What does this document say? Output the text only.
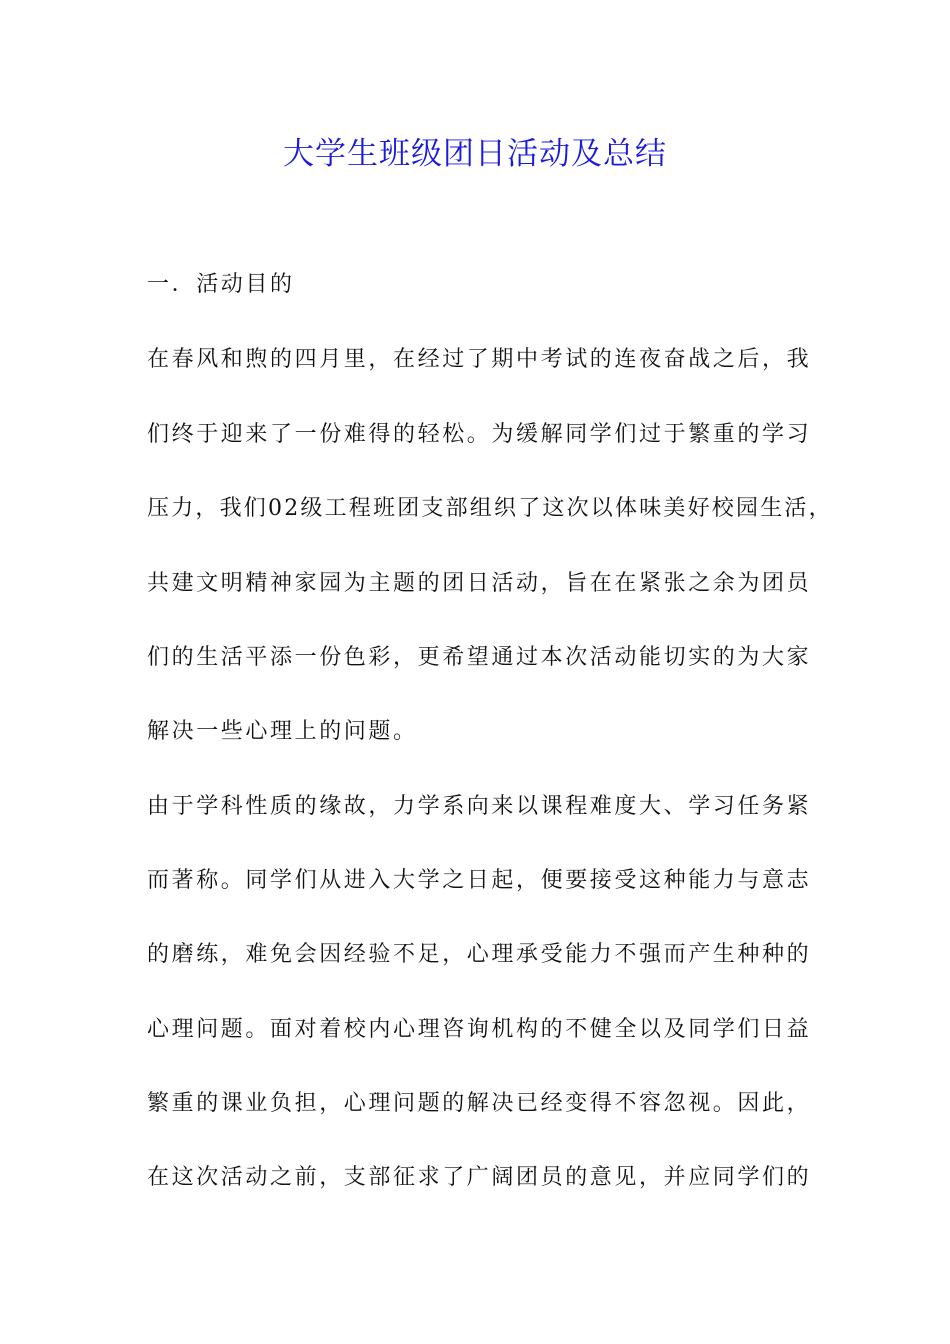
大学生班级团日活动及总结
一．活动目的
在春风和煦的四月里，在经过了期中考试的连夜奋战之后，我
们终于迎来了一份难得的轻松。为缓解同学们过于繁重的学习
压力，我们02级工程班团支部组织了这次以体味美好校园生活，
共建文明精神家园为主题的团日活动，旨在在紧张之余为团员
们的生活平添一份色彩，更希望通过本次活动能切实的为大家
解决一些心理上的问题。
由于学科性质的缘故，力学系向来以课程难度大、学习任务紧
而著称。同学们从进入大学之日起，便要接受这种能力与意志
的磨练，难免会因经验不足，心理承受能力不强而产生种种的
心理问题。面对着校内心理咨询机构的不健全以及同学们日益
繁重的课业负担，心理问题的解决已经变得不容忽视。因此，
在这次活动之前，支部征求了广阔团员的意见，并应同学们的
